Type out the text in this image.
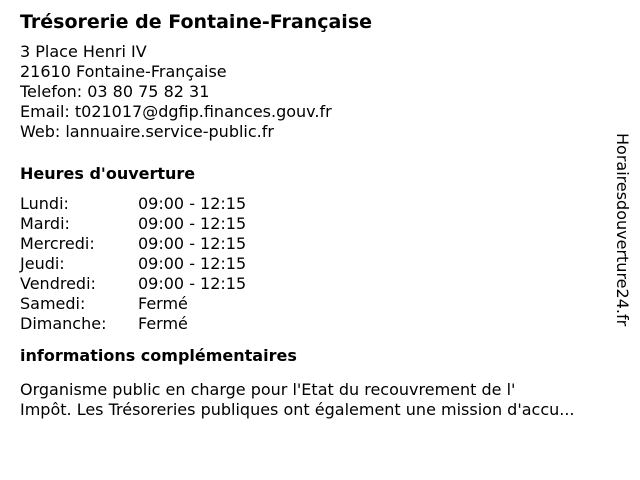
Trésorerie de Fontaine-Française
3 Place Henri IV
21610 Fontaine-Française
Telefon: 03 80 75 82 31
Email: t021017@dgfip.finances.gouv.fr
Web: lannuaire.service-public.fr
Heures d'ouverture
Lundi:	09:00 - 12:15
Mardi:	09:00 - 12:15
Mercredi:	09:00 - 12:15
Jeudi:	09:00 - 12:15
Vendredi:	09:00 - 12:15
Samedi:	Fermé
Dimanche:	Fermé
informations complémentaires
Organisme public en charge pour l'Etat du recouvrement de l'
Impôt. Les Trésoreries publiques ont également une mission d'accu...
Horairesdouverture24.fr
